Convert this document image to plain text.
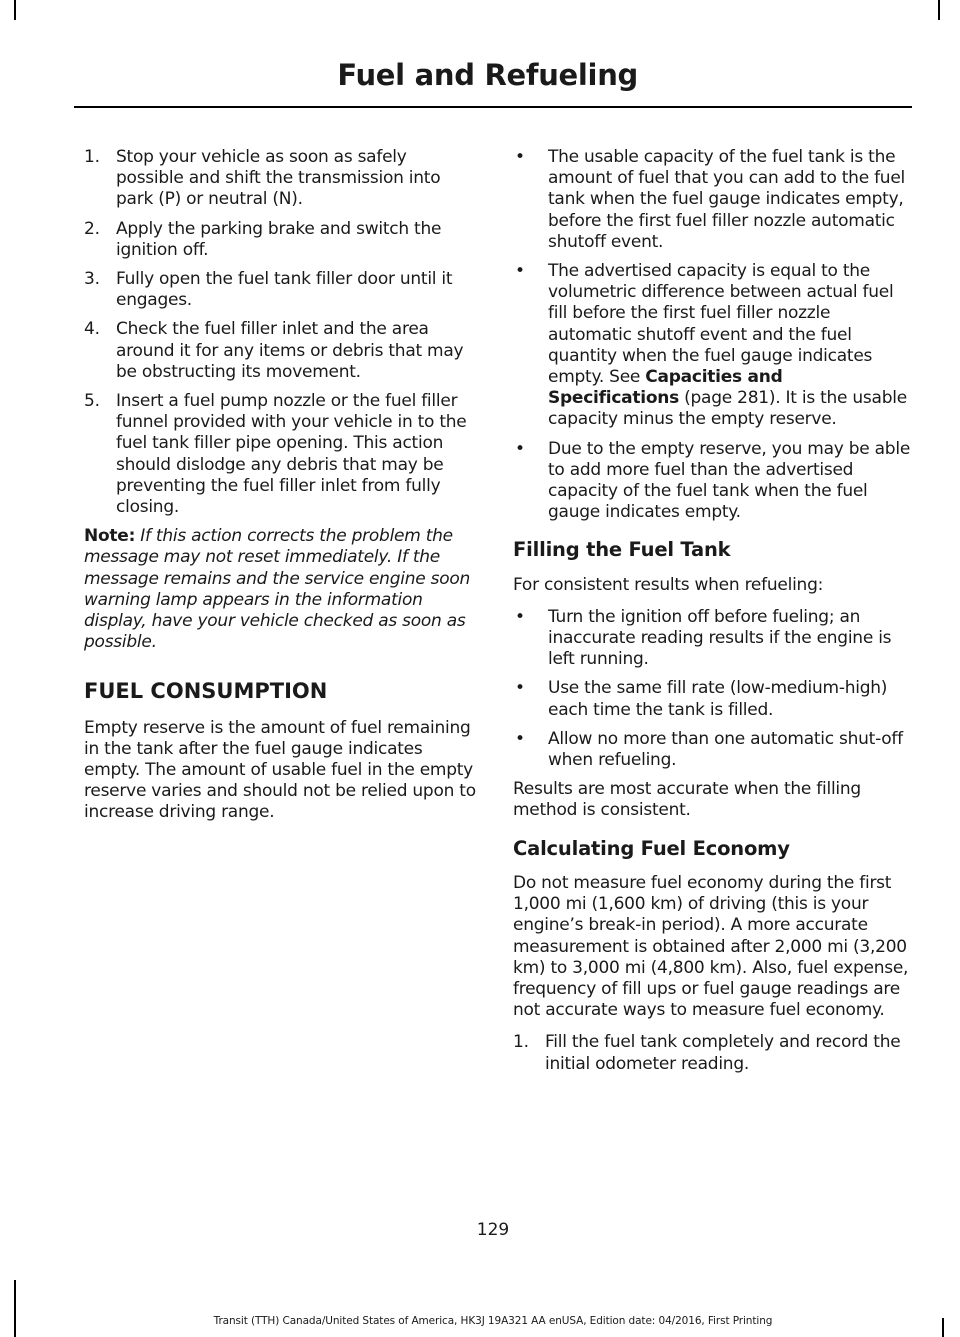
Fuel and Refueling
1. Stop your vehicle as soon as safely possible and shift the transmission into park (P) or neutral (N).
2. Apply the parking brake and switch the ignition off.
3. Fully open the fuel tank filler door until it engages.
4. Check the fuel filler inlet and the area around it for any items or debris that may be obstructing its movement.
5. Insert a fuel pump nozzle or the fuel filler funnel provided with your vehicle in to the fuel tank filler pipe opening. This action should dislodge any debris that may be preventing the fuel filler inlet from fully closing.

Note: If this action corrects the problem the message may not reset immediately. If the message remains and the service engine soon warning lamp appears in the information display, have your vehicle checked as soon as possible.

FUEL CONSUMPTION

Empty reserve is the amount of fuel remaining in the tank after the fuel gauge indicates empty. The amount of usable fuel in the empty reserve varies and should not be relied upon to increase driving range.

• The usable capacity of the fuel tank is the amount of fuel that you can add to the fuel tank when the fuel gauge indicates empty, before the first fuel filler nozzle automatic shutoff event.
• The advertised capacity is equal to the volumetric difference between actual fuel fill before the first fuel filler nozzle automatic shutoff event and the fuel quantity when the fuel gauge indicates empty. See Capacities and Specifications (page 281). It is the usable capacity minus the empty reserve.
• Due to the empty reserve, you may be able to add more fuel than the advertised capacity of the fuel tank when the fuel gauge indicates empty.
Filling the Fuel Tank

For consistent results when refueling:

• Turn the ignition off before fueling; an inaccurate reading results if the engine is left running.
• Use the same fill rate (low-medium-high) each time the tank is filled.
• Allow no more than one automatic shut-off when refueling.

Results are most accurate when the filling method is consistent.

Calculating Fuel Economy

Do not measure fuel economy during the first 1,000 mi (1,600 km) of driving (this is your engine’s break-in period). A more accurate measurement is obtained after 2,000 mi (3,200 km) to 3,000 mi (4,800 km). Also, fuel expense, frequency of fill ups or fuel gauge readings are not accurate ways to measure fuel economy.

1. Fill the fuel tank completely and record the initial odometer reading.
129
Transit (TTH) Canada/United States of America, HK3J 19A321 AA enUSA, Edition date: 04/2016, First Printing
